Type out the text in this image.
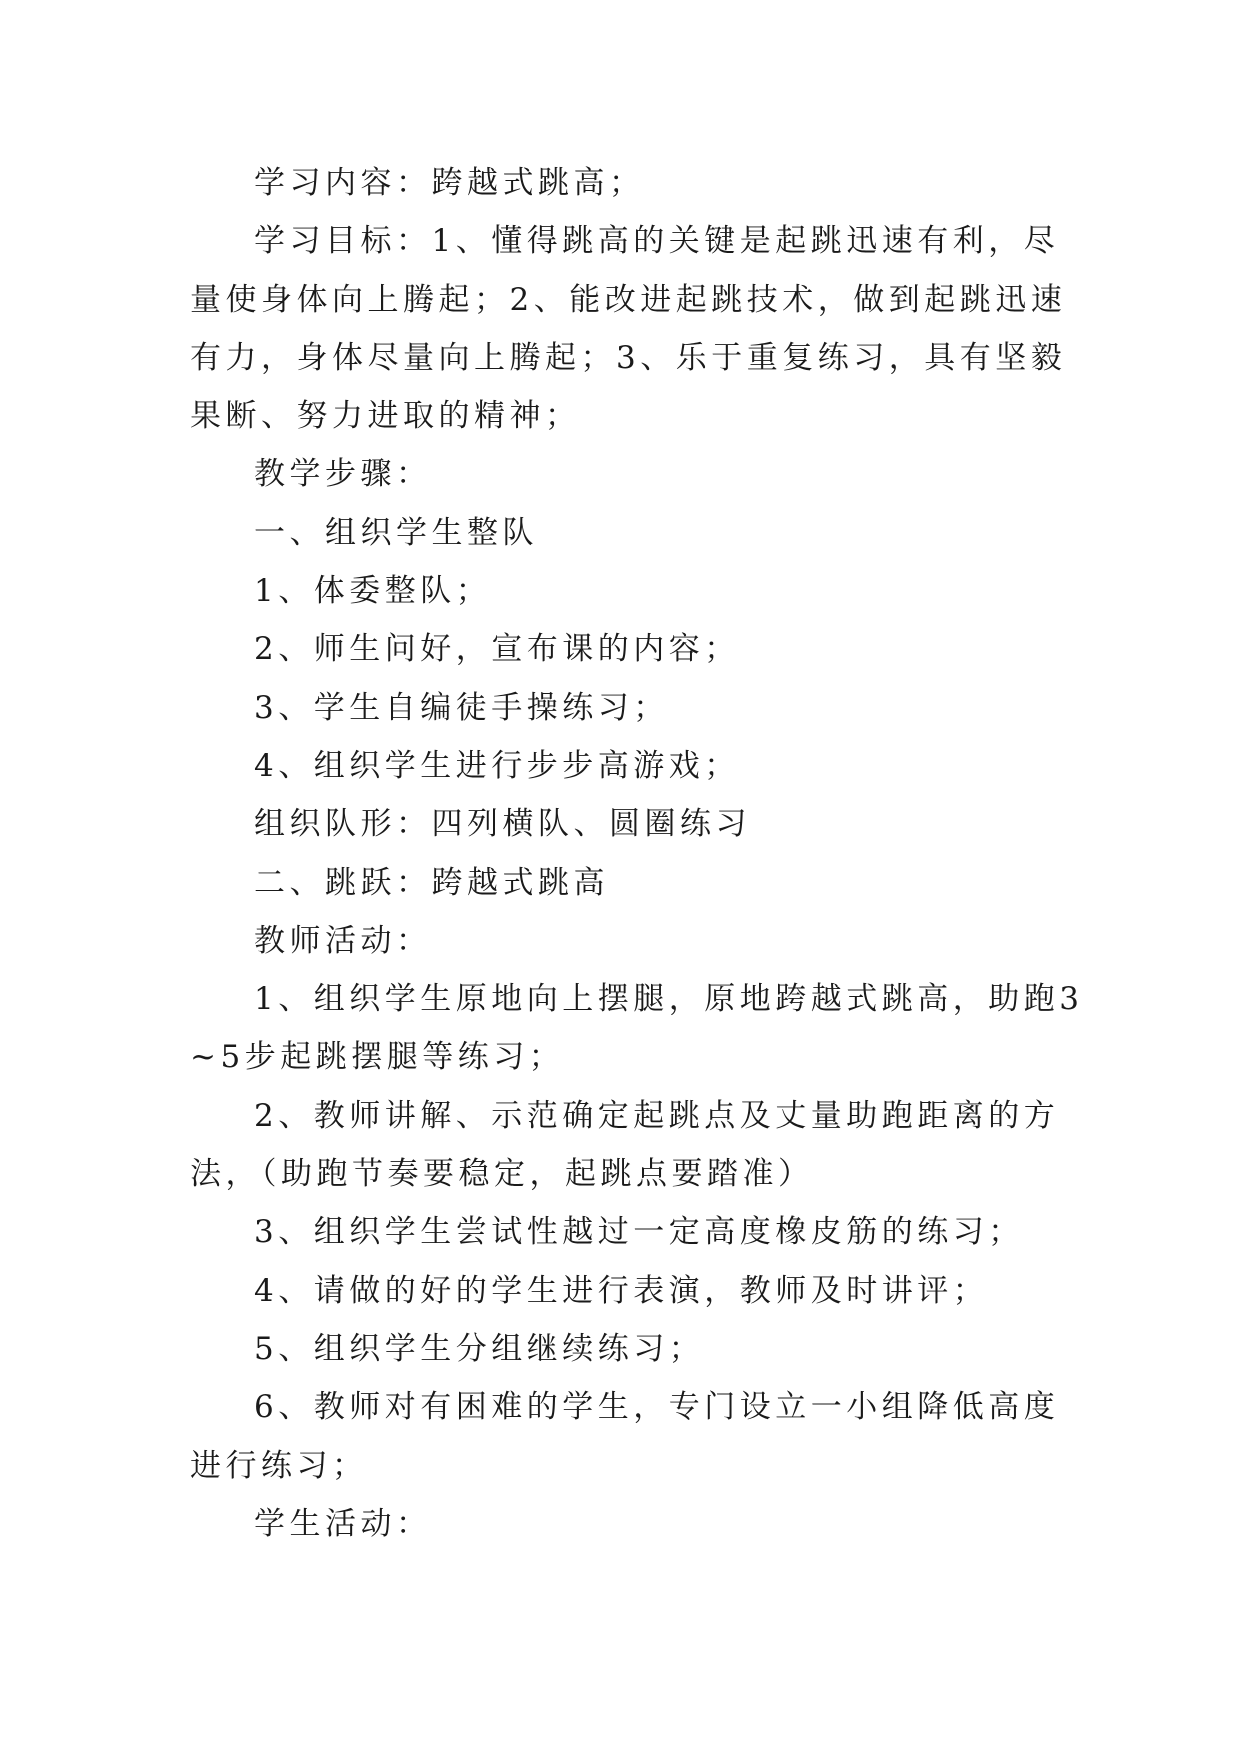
学习内容：跨越式跳高；

学习目标：1、懂得跳高的关键是起跳迅速有利，尽量使身体向上腾起；2、能改进起跳技术，做到起跳迅速有力，身体尽量向上腾起；3、乐于重复练习，具有坚毅果断、努力进取的精神；

教学步骤：

一、组织学生整队

1、体委整队；

2、师生问好，宣布课的内容；

3、学生自编徒手操练习；

4、组织学生进行步步高游戏；

组织队形：四列横队、圆圈练习

二、跳跃：跨越式跳高

教师活动：

1、组织学生原地向上摆腿，原地跨越式跳高，助跑3~5步起跳摆腿等练习；

2、教师讲解、示范确定起跳点及丈量助跑距离的方法，（助跑节奏要稳定，起跳点要踏准）

3、组织学生尝试性越过一定高度橡皮筋的练习；

4、请做的好的学生进行表演，教师及时讲评；

5、组织学生分组继续练习；

6、教师对有困难的学生，专门设立一小组降低高度进行练习；

学生活动：
